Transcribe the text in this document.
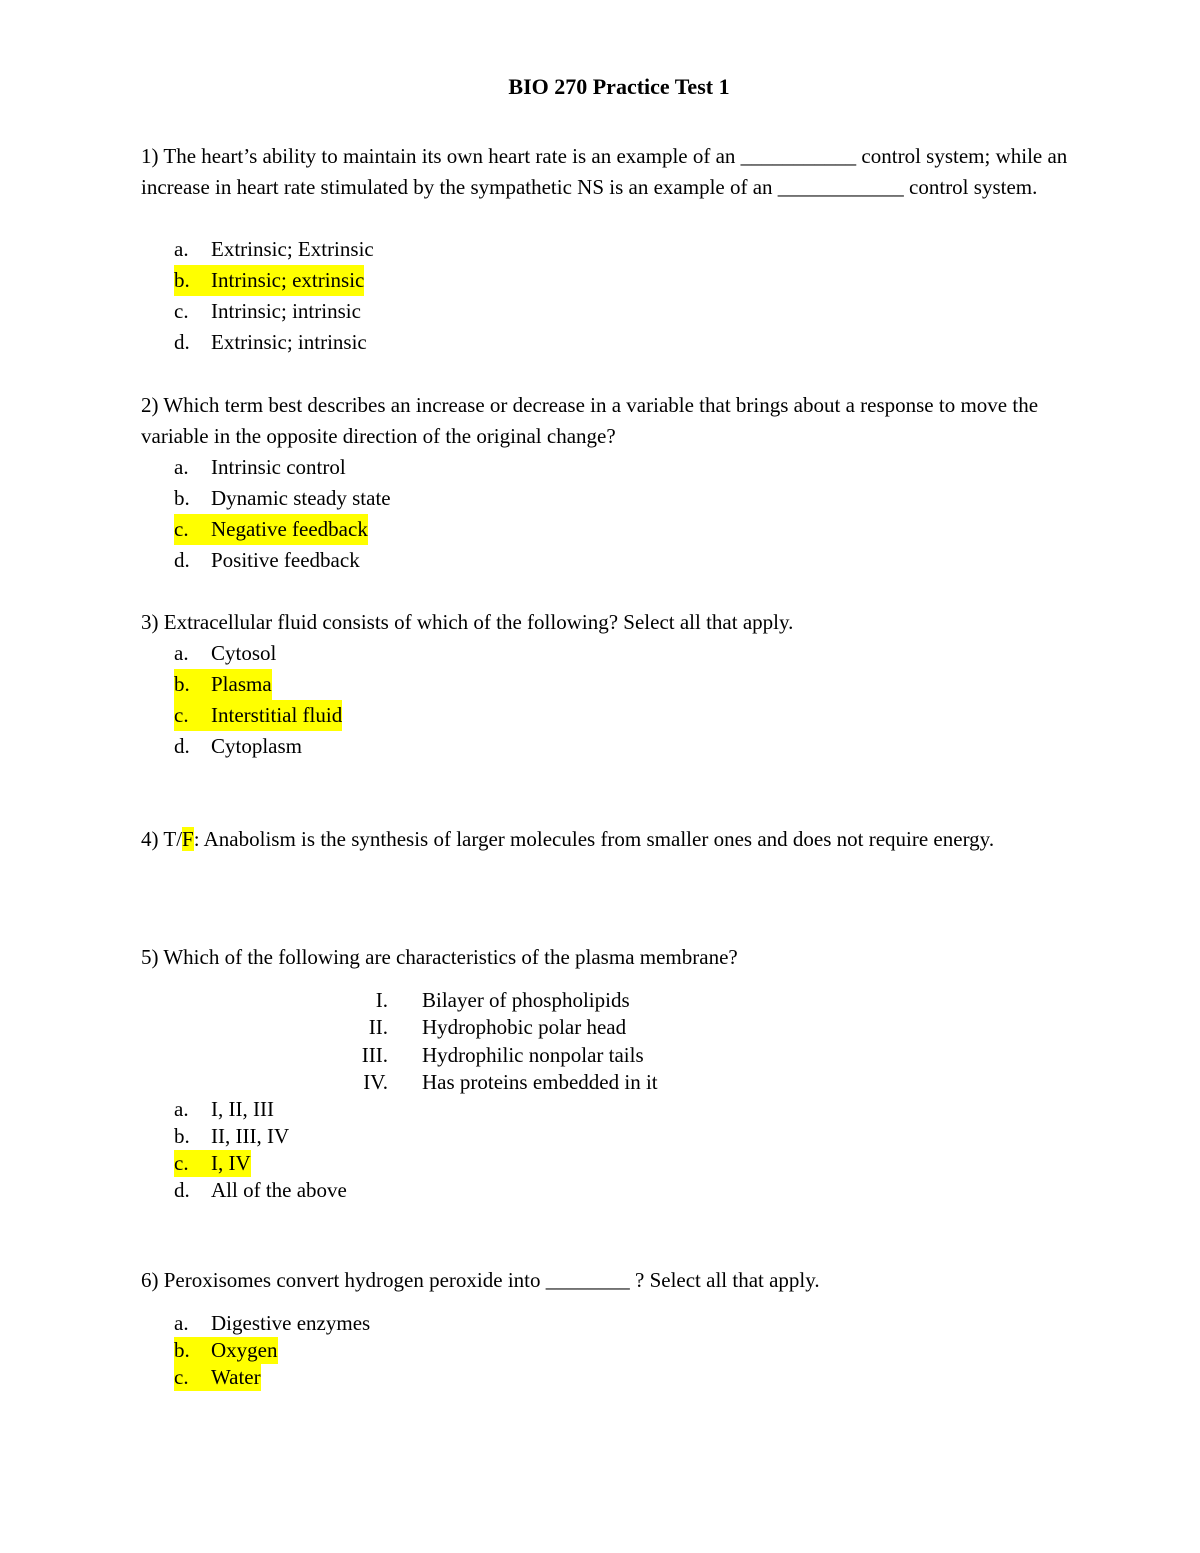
BIO 270 Practice Test 1
1) The heart’s ability to maintain its own heart rate is an example of an ___________ control system; while an increase in heart rate stimulated by the sympathetic NS is an example of an ____________ control system.
a. Extrinsic; Extrinsic
b. Intrinsic; extrinsic
c. Intrinsic; intrinsic
d. Extrinsic; intrinsic
2) Which term best describes an increase or decrease in a variable that brings about a response to move the variable in the opposite direction of the original change?
a. Intrinsic control
b. Dynamic steady state
c. Negative feedback
d. Positive feedback
3) Extracellular fluid consists of which of the following? Select all that apply.
a. Cytosol
b. Plasma
c. Interstitial fluid
d. Cytoplasm
4) T/F: Anabolism is the synthesis of larger molecules from smaller ones and does not require energy.
5) Which of the following are characteristics of the plasma membrane?
I. Bilayer of phospholipids
II. Hydrophobic polar head
III. Hydrophilic nonpolar tails
IV. Has proteins embedded in it
a. I, II, III
b. II, III, IV
c. I, IV
d. All of the above
6) Peroxisomes convert hydrogen peroxide into ________ ? Select all that apply.
a. Digestive enzymes
b. Oxygen
c. Water
